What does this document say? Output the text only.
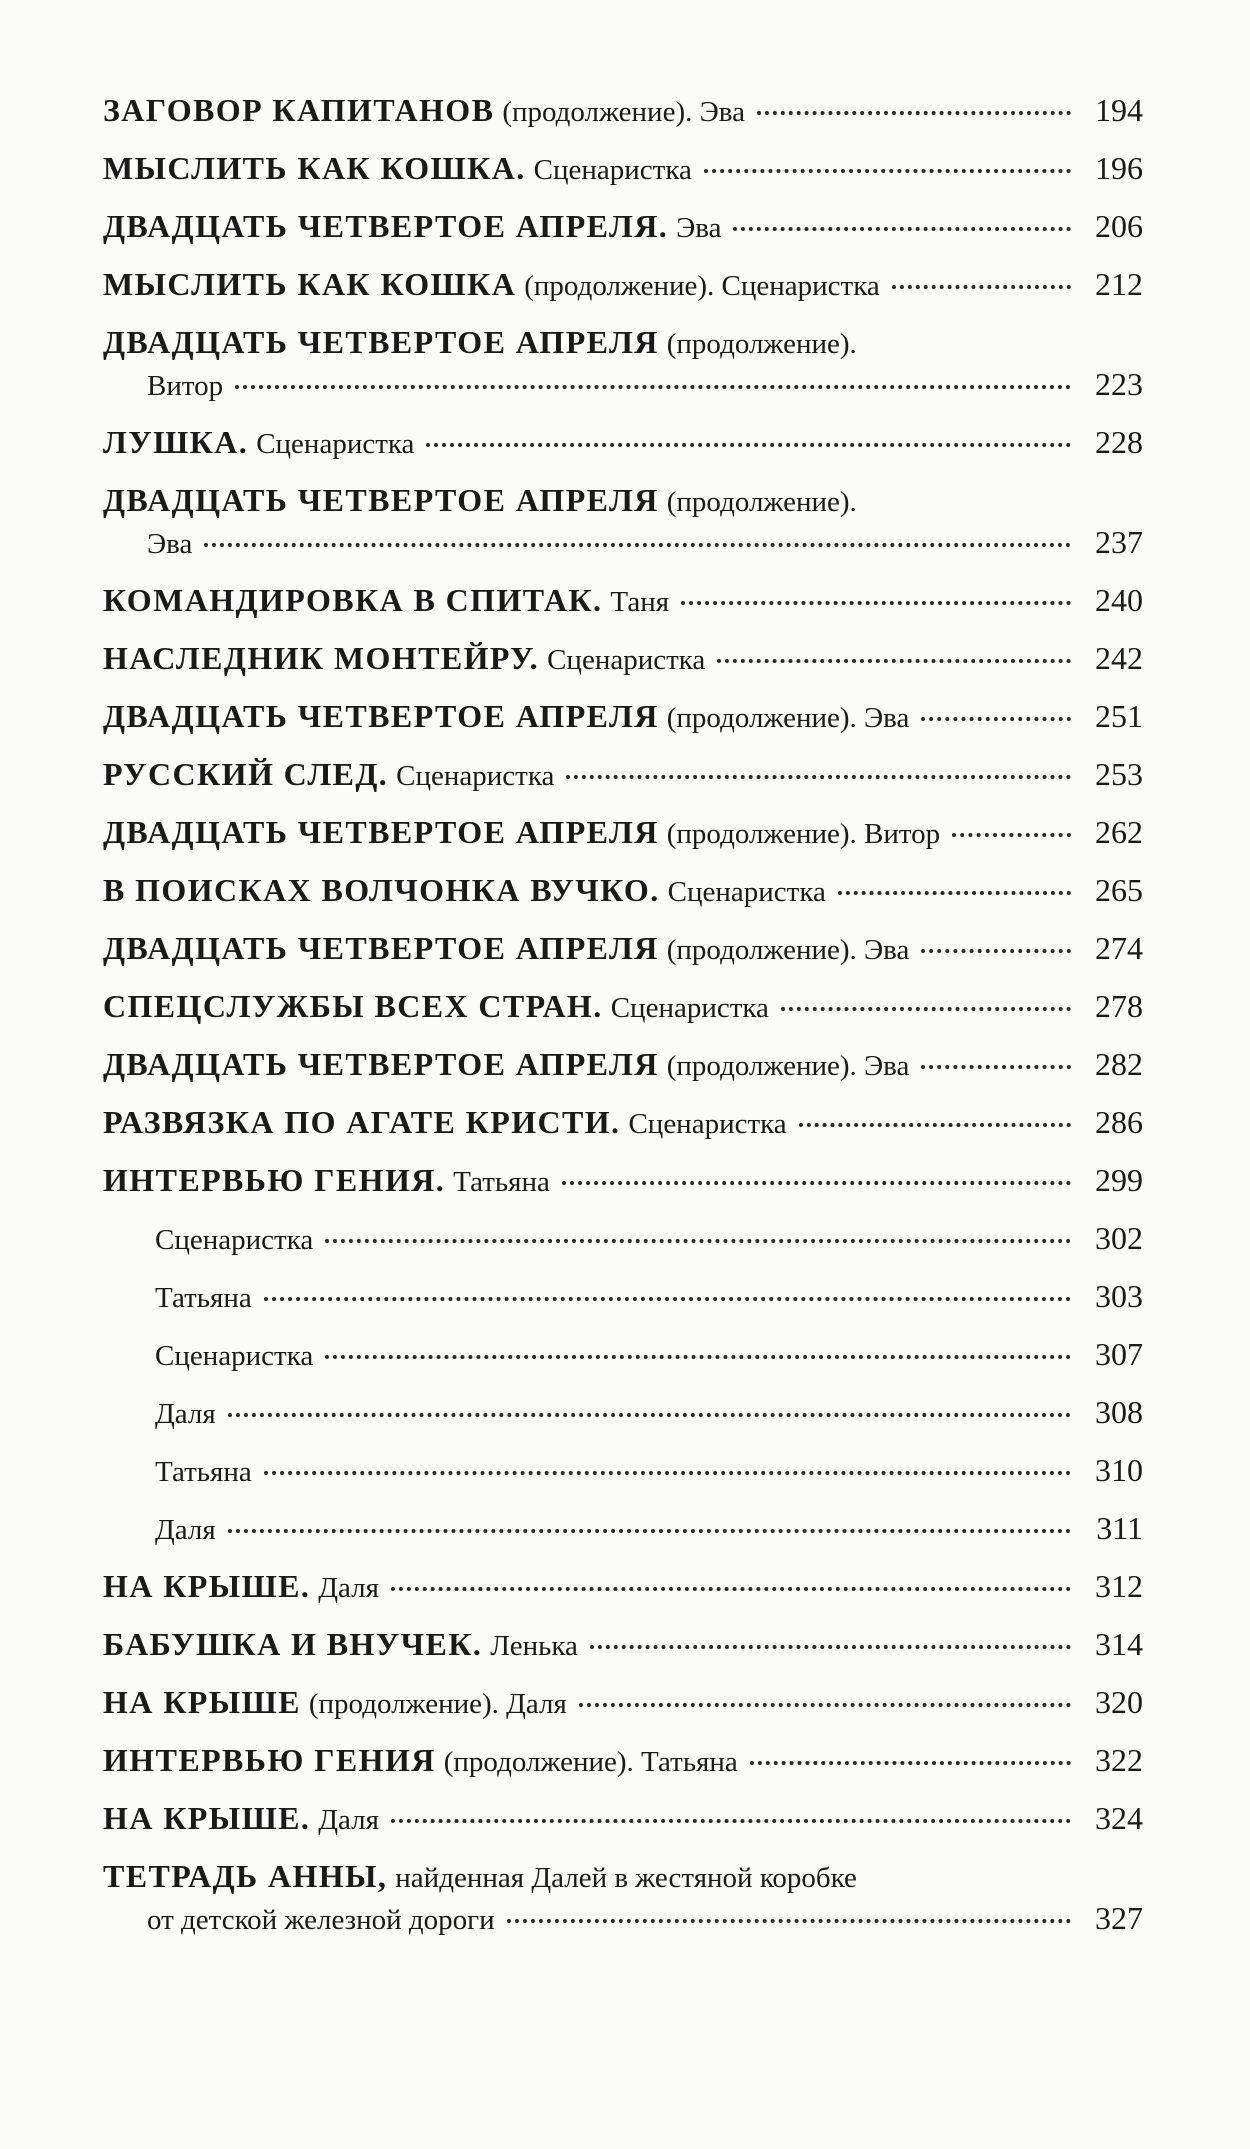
ЗАГОВОР КАПИТАНОВ (продолжение). Эва	194
МЫСЛИТЬ КАК КОШКА. Сценаристка	196
ДВАДЦАТЬ ЧЕТВЕРТОЕ АПРЕЛЯ. Эва	206
МЫСЛИТЬ КАК КОШКА (продолжение). Сценаристка	212
ДВАДЦАТЬ ЧЕТВЕРТОЕ АПРЕЛЯ (продолжение).
Витор	223
ЛУШКА. Сценаристка	228
ДВАДЦАТЬ ЧЕТВЕРТОЕ АПРЕЛЯ (продолжение).
Эва	237
КОМАНДИРОВКА В СПИТАК. Таня	240
НАСЛЕДНИК МОНТЕЙРУ. Сценаристка	242
ДВАДЦАТЬ ЧЕТВЕРТОЕ АПРЕЛЯ (продолжение). Эва	251
РУССКИЙ СЛЕД. Сценаристка	253
ДВАДЦАТЬ ЧЕТВЕРТОЕ АПРЕЛЯ (продолжение). Витор	262
В ПОИСКАХ ВОЛЧОНКА ВУЧКО. Сценаристка	265
ДВАДЦАТЬ ЧЕТВЕРТОЕ АПРЕЛЯ (продолжение). Эва	274
СПЕЦСЛУЖБЫ ВСЕХ СТРАН. Сценаристка	278
ДВАДЦАТЬ ЧЕТВЕРТОЕ АПРЕЛЯ (продолжение). Эва	282
РАЗВЯЗКА ПО АГАТЕ КРИСТИ. Сценаристка	286
ИНТЕРВЬЮ ГЕНИЯ. Татьяна	299
Сценаристка	302
Татьяна	303
Сценаристка	307
Даля	308
Татьяна	310
Даля	311
НА КРЫШЕ. Даля	312
БАБУШКА И ВНУЧЕК. Ленька	314
НА КРЫШЕ (продолжение). Даля	320
ИНТЕРВЬЮ ГЕНИЯ (продолжение). Татьяна	322
НА КРЫШЕ. Даля	324
ТЕТРАДЬ АННЫ, найденная Далей в жестяной коробке
от детской железной дороги	327
